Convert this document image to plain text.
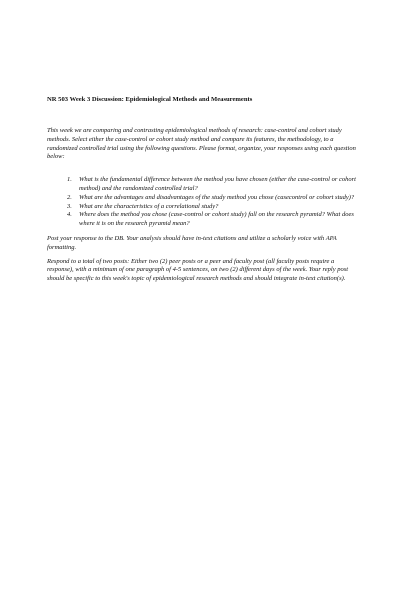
NR 503 Week 3 Discussion: Epidemiological Methods and Measurements

This week we are comparing and contrasting epidemiological methods of research: case-control and cohort study methods. Select either the case-control or cohort study method and compare its features, the methodology, to a randomized controlled trial using the following questions. Please format, organize, your responses using each question below:

1. What is the fundamental difference between the method you have chosen (either the case-control or cohort method) and the randomized controlled trial?
2. What are the advantages and disadvantages of the study method you chose (casecontrol or cohort study)?
3. What are the characteristics of a correlational study?
4. Where does the method you chose (case-control or cohort study) fall on the research pyramid? What does where it is on the research pyramid mean?

Post your response to the DB. Your analysis should have in-text citations and utilize a scholarly voice with APA formatting.

Respond to a total of two posts: Either two (2) peer posts or a peer and faculty post (all faculty posts require a response), with a minimum of one paragraph of 4-5 sentences, on two (2) different days of the week. Your reply post should be specific to this week's topic of epidemiological research methods and should integrate in-text citation(s).
